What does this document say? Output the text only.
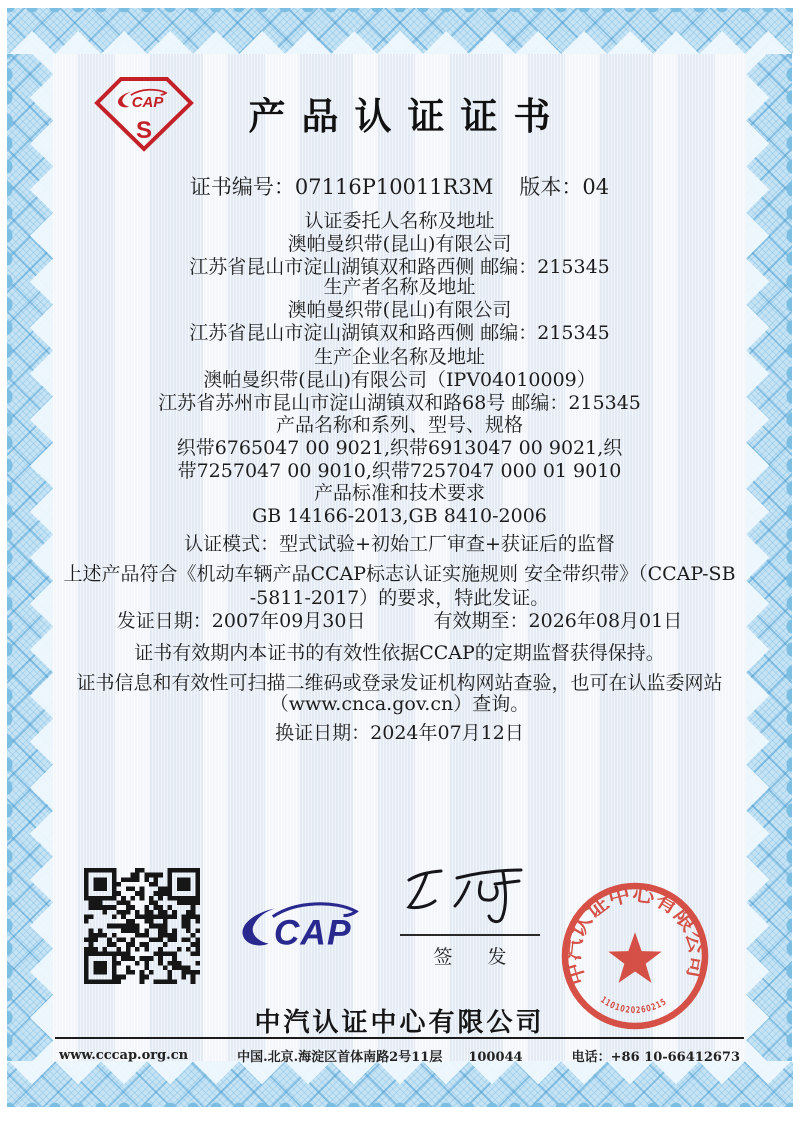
CAP
S	产品认证证书
证书编号：07116P10011R3M 版本：04
认证委托人名称及地址
澳帕曼织带(昆山)有限公司
江苏省昆山市淀山湖镇双和路西侧 邮编：215345
生产者名称及地址
澳帕曼织带(昆山)有限公司
江苏省昆山市淀山湖镇双和路西侧 邮编：215345
生产企业名称及地址
澳帕曼织带(昆山)有限公司（IPV04010009）
江苏省苏州市昆山市淀山湖镇双和路68号 邮编：215345
产品名称和系列、型号、规格
织带6765047 00 9021,织带6913047 00 9021,织
带7257047 00 9010,织带7257047 000 01 9010
产品标准和技术要求
GB 14166-2013,GB 8410-2006
认证模式：型式试验+初始工厂审查+获证后的监督
上述产品符合《机动车辆产品CCAP标志认证实施规则 安全带织带》（CCAP-SB
-5811-2017）的要求，特此发证。
发证日期：2007年09月30日	有效期至：2026年08月01日
证书有效期内本证书的有效性依据CCAP的定期监督获得保持。
证书信息和有效性可扫描二维码或登录发证机构网站查验，也可在认监委网站
（www.cnca.gov.cn）查询。
换证日期：2024年07月12日
CAP
签　发
中汽认证中心有限公司
1101020260215
中汽认证中心有限公司
www.cccap.org.cn	中国.北京.海淀区首体南路2号11层 100044	电话：+86 10-66412673
